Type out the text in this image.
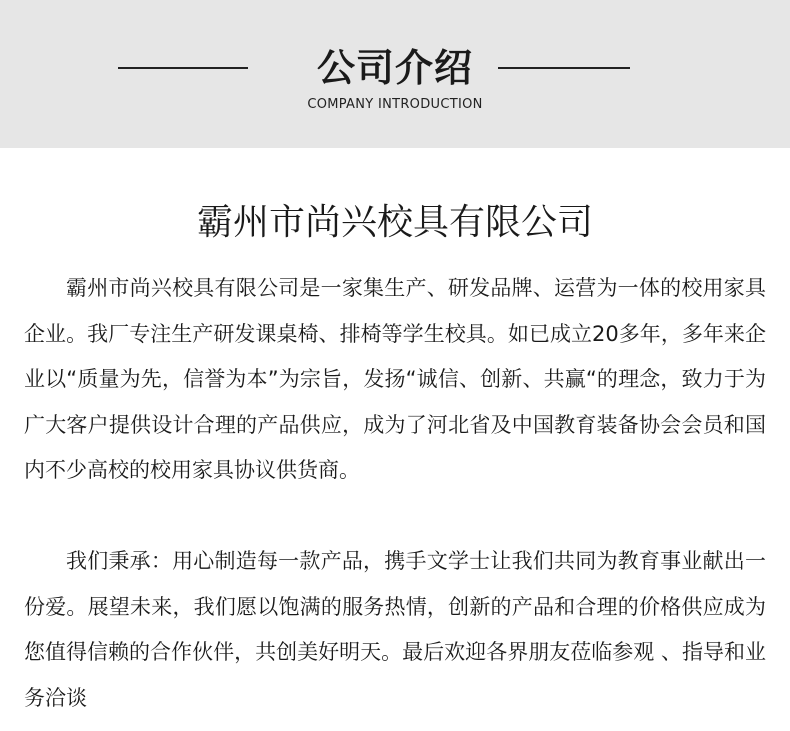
公司介绍
COMPANY INTRODUCTION
霸州市尚兴校具有限公司

霸州市尚兴校具有限公司是一家集生产、研发品牌、运营为一体的校用家具企业。我厂专注生产研发课桌椅、排椅等学生校具。如已成立20多年，多年来企业以“质量为先，信誉为本”为宗旨，发扬“诚信、创新、共赢“的理念，致力于为广大客户提供设计合理的产品供应，成为了河北省及中国教育装备协会会员和国内不少高校的校用家具协议供货商。

我们秉承：用心制造每一款产品，携手文学士让我们共同为教育事业献出一份爱。展望未来，我们愿以饱满的服务热情，创新的产品和合理的价格供应成为您值得信赖的合作伙伴，共创美好明天。最后欢迎各界朋友莅临参观 、指导和业务洽谈
